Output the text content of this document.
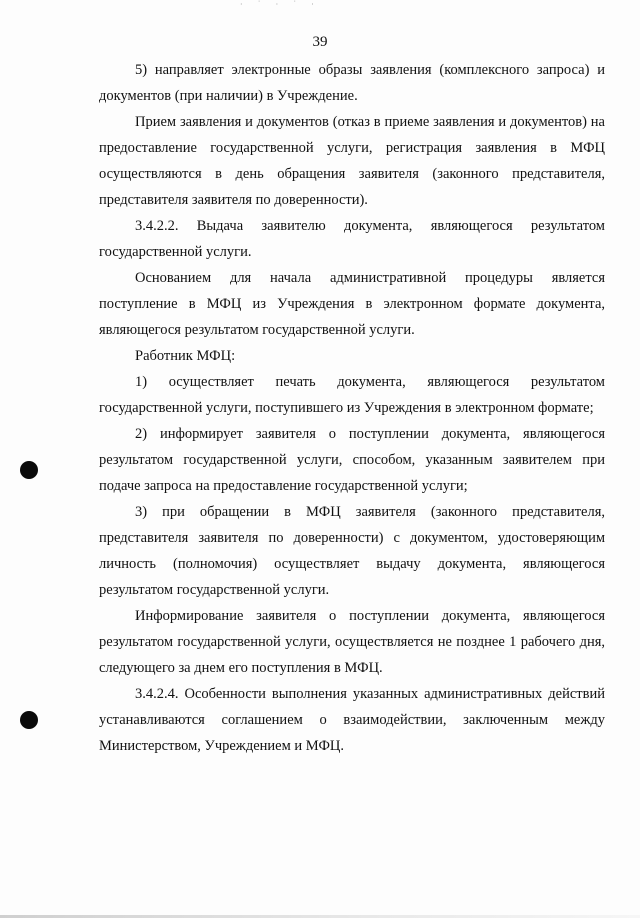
· ˙ · ˙ ·
39

5) направляет электронные образы заявления (комплексного запроса) и документов (при наличии) в Учреждение.

Прием заявления и документов (отказ в приеме заявления и документов) на предоставление государственной услуги, регистрация заявления в МФЦ осуществляются в день обращения заявителя (законного представителя, представителя заявителя по доверенности).

3.4.2.2. Выдача заявителю документа, являющегося результатом государственной услуги.

Основанием для начала административной процедуры является поступление в МФЦ из Учреждения в электронном формате документа, являющегося результатом государственной услуги.

Работник МФЦ:

1) осуществляет печать документа, являющегося результатом государственной услуги, поступившего из Учреждения в электронном формате;

2) информирует заявителя о поступлении документа, являющегося результатом государственной услуги, способом, указанным заявителем при подаче запроса на предоставление государственной услуги;

3) при обращении в МФЦ заявителя (законного представителя, представителя заявителя по доверенности) с документом, удостоверяющим личность (полномочия) осуществляет выдачу документа, являющегося результатом государственной услуги.

Информирование заявителя о поступлении документа, являющегося результатом государственной услуги, осуществляется не позднее 1 рабочего дня, следующего за днем его поступления в МФЦ.

3.4.2.4. Особенности выполнения указанных административных действий устанавливаются соглашением о взаимодействии, заключенным между Министерством, Учреждением и МФЦ.
